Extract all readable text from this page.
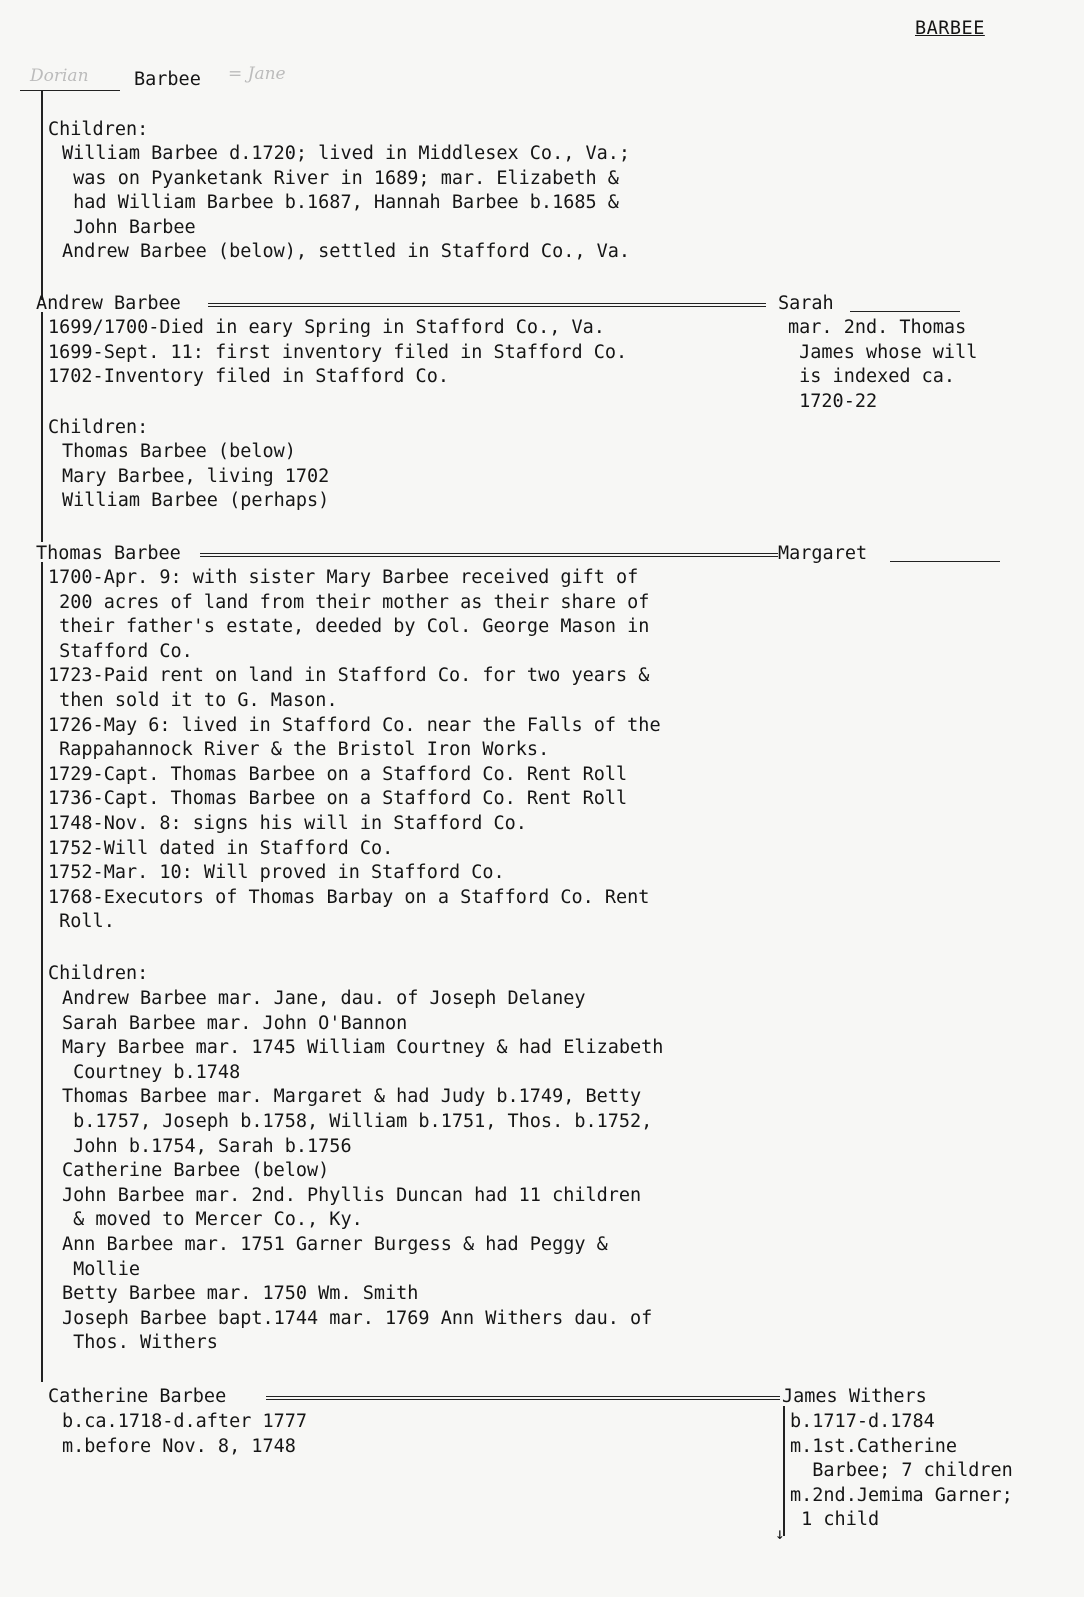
BARBEE
Dorian Barbee = Jane
Children:
William Barbee d.1720; lived in Middlesex Co., Va.;
was on Pyanketank River in 1689; mar. Elizabeth &
had William Barbee b.1687, Hannah Barbee b.1685 &
John Barbee
Andrew Barbee (below), settled in Stafford Co., Va.
Andrew Barbee	Sarah
mar. 2nd. Thomas
James whose will
is indexed ca.
1720-22
1699/1700-Died in eary Spring in Stafford Co., Va.
1699-Sept. 11: first inventory filed in Stafford Co.
1702-Inventory filed in Stafford Co.
Children:
Thomas Barbee (below)
Mary Barbee, living 1702
William Barbee (perhaps)
Thomas Barbee	Margaret
1700-Apr. 9: with sister Mary Barbee received gift of
200 acres of land from their mother as their share of
their father's estate, deeded by Col. George Mason in
Stafford Co.
1723-Paid rent on land in Stafford Co. for two years &
then sold it to G. Mason.
1726-May 6: lived in Stafford Co. near the Falls of the
Rappahannock River & the Bristol Iron Works.
1729-Capt. Thomas Barbee on a Stafford Co. Rent Roll
1736-Capt. Thomas Barbee on a Stafford Co. Rent Roll
1748-Nov. 8: signs his will in Stafford Co.
1752-Will dated in Stafford Co.
1752-Mar. 10: Will proved in Stafford Co.
1768-Executors of Thomas Barbay on a Stafford Co. Rent
Roll.
Children:
Andrew Barbee mar. Jane, dau. of Joseph Delaney
Sarah Barbee mar. John O'Bannon
Mary Barbee mar. 1745 William Courtney & had Elizabeth
Courtney b.1748
Thomas Barbee mar. Margaret & had Judy b.1749, Betty
b.1757, Joseph b.1758, William b.1751, Thos. b.1752,
John b.1754, Sarah b.1756
Catherine Barbee (below)
John Barbee mar. 2nd. Phyllis Duncan had 11 children
& moved to Mercer Co., Ky.
Ann Barbee mar. 1751 Garner Burgess & had Peggy &
Mollie
Betty Barbee mar. 1750 Wm. Smith
Joseph Barbee bapt.1744 mar. 1769 Ann Withers dau. of
Thos. Withers
Catherine Barbee	James Withers
b.ca.1718-d.after 1777
m.before Nov. 8, 1748
↓
b.1717-d.1784
m.1st.Catherine
Barbee; 7 children
m.2nd.Jemima Garner;
1 child
